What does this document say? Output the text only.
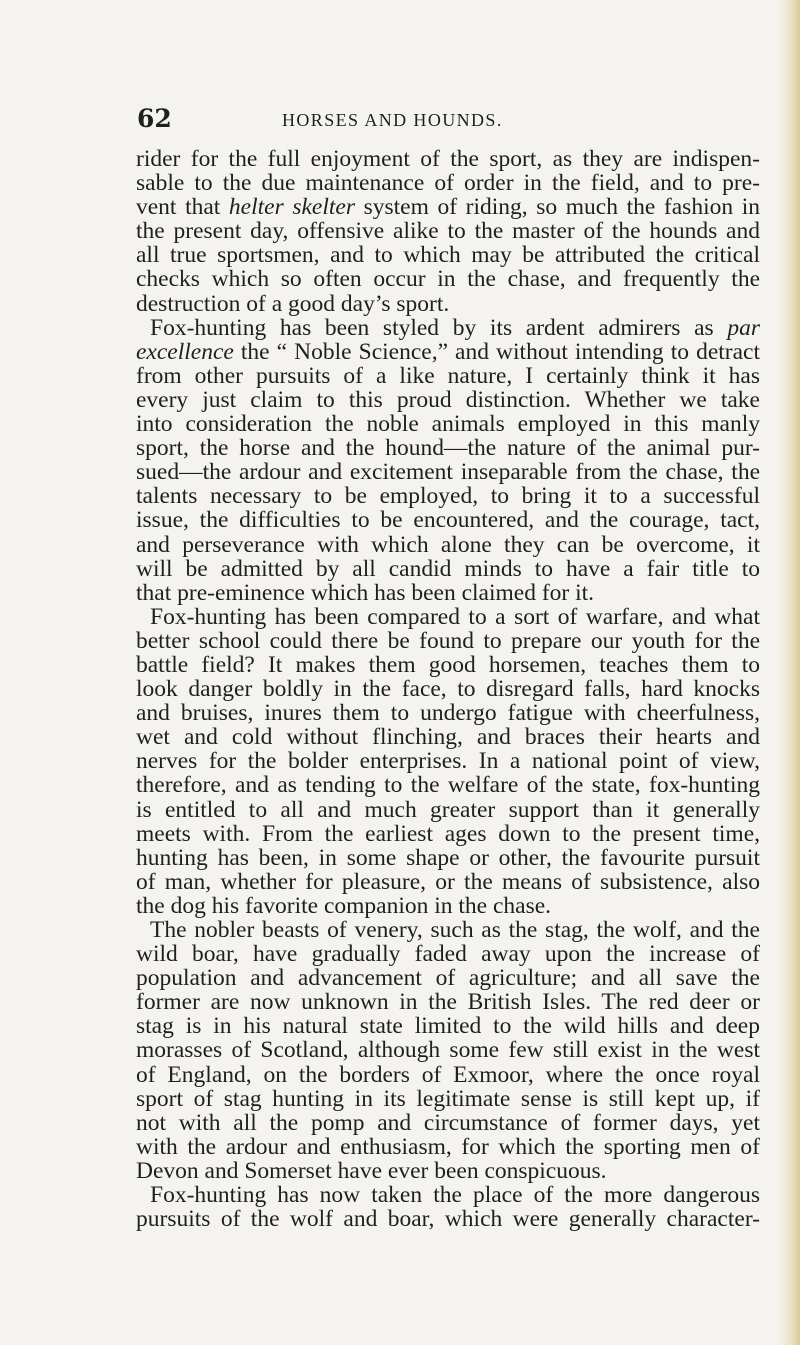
62	HORSES AND HOUNDS.
rider for the full enjoyment of the sport, as they are indispen-
sable to the due maintenance of order in the field, and to pre-
vent that helter skelter system of riding, so much the fashion in
the present day, offensive alike to the master of the hounds and
all true sportsmen, and to which may be attributed the critical
checks which so often occur in the chase, and frequently the
destruction of a good day’s sport.
Fox-hunting has been styled by its ardent admirers as par
excellence the “ Noble Science,” and without intending to detract
from other pursuits of a like nature, I certainly think it has
every just claim to this proud distinction. Whether we take
into consideration the noble animals employed in this manly
sport, the horse and the hound—the nature of the animal pur-
sued—the ardour and excitement inseparable from the chase, the
talents necessary to be employed, to bring it to a successful
issue, the difficulties to be encountered, and the courage, tact,
and perseverance with which alone they can be overcome, it
will be admitted by all candid minds to have a fair title to
that pre-eminence which has been claimed for it.
Fox-hunting has been compared to a sort of warfare, and what
better school could there be found to prepare our youth for the
battle field? It makes them good horsemen, teaches them to
look danger boldly in the face, to disregard falls, hard knocks
and bruises, inures them to undergo fatigue with cheerfulness,
wet and cold without flinching, and braces their hearts and
nerves for the bolder enterprises. In a national point of view,
therefore, and as tending to the welfare of the state, fox-hunting
is entitled to all and much greater support than it generally
meets with. From the earliest ages down to the present time,
hunting has been, in some shape or other, the favourite pursuit
of man, whether for pleasure, or the means of subsistence, also
the dog his favorite companion in the chase.
The nobler beasts of venery, such as the stag, the wolf, and the
wild boar, have gradually faded away upon the increase of
population and advancement of agriculture; and all save the
former are now unknown in the British Isles. The red deer or
stag is in his natural state limited to the wild hills and deep
morasses of Scotland, although some few still exist in the west
of England, on the borders of Exmoor, where the once royal
sport of stag hunting in its legitimate sense is still kept up, if
not with all the pomp and circumstance of former days, yet
with the ardour and enthusiasm, for which the sporting men of
Devon and Somerset have ever been conspicuous.
Fox-hunting has now taken the place of the more dangerous
pursuits of the wolf and boar, which were generally character-
